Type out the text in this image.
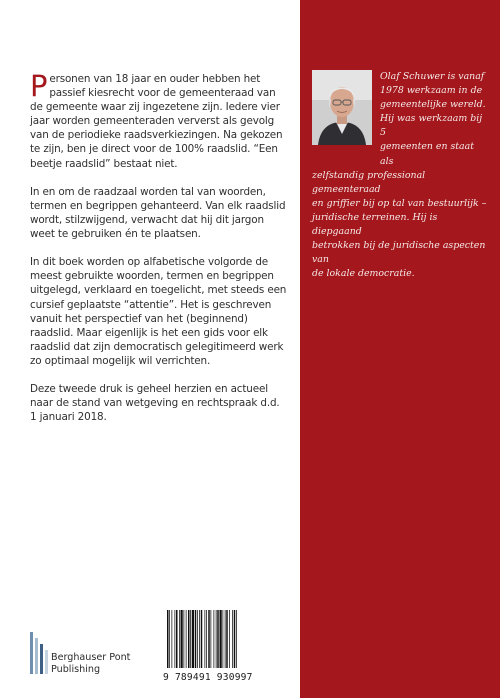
Personen van 18 jaar en ouder hebben het passief kiesrecht voor de gemeenteraad van de gemeente waar zij ingezetene zijn. Iedere vier jaar worden gemeenteraden ververst als gevolg van de periodieke raadsverkiezingen. Na gekozen te zijn, ben je direct voor de 100% raadslid. “Een beetje raadslid” bestaat niet.

In en om de raadzaal worden tal van woorden, termen en begrippen gehanteerd. Van elk raadslid wordt, stilzwijgend, verwacht dat hij dit jargon weet te gebruiken én te plaatsen.

In dit boek worden op alfabetische volgorde de meest gebruikte woorden, termen en begrippen uitgelegd, verklaard en toegelicht, met steeds een cursief geplaatste “attentie”. Het is geschreven vanuit het perspectief van het (beginnend) raadslid. Maar eigenlijk is het een gids voor elk raadslid dat zijn democratisch gelegitimeerd werk zo optimaal mogelijk wil verrichten.

Deze tweede druk is geheel herzien en actueel naar de stand van wetgeving en rechtspraak d.d. 1 januari 2018.

Olaf Schuwer is vanaf
1978 werkzaam in de
gemeentelijke wereld.
Hij was werkzaam bij 5
gemeenten en staat als
zelfstandig professional gemeenteraad
en griffier bij op tal van bestuurlijk –
juridische terreinen. Hij is diepgaand
betrokken bij de juridische aspecten van
de lokale democratie.
Berghauser Pont
Publishing
9 789491 930997
